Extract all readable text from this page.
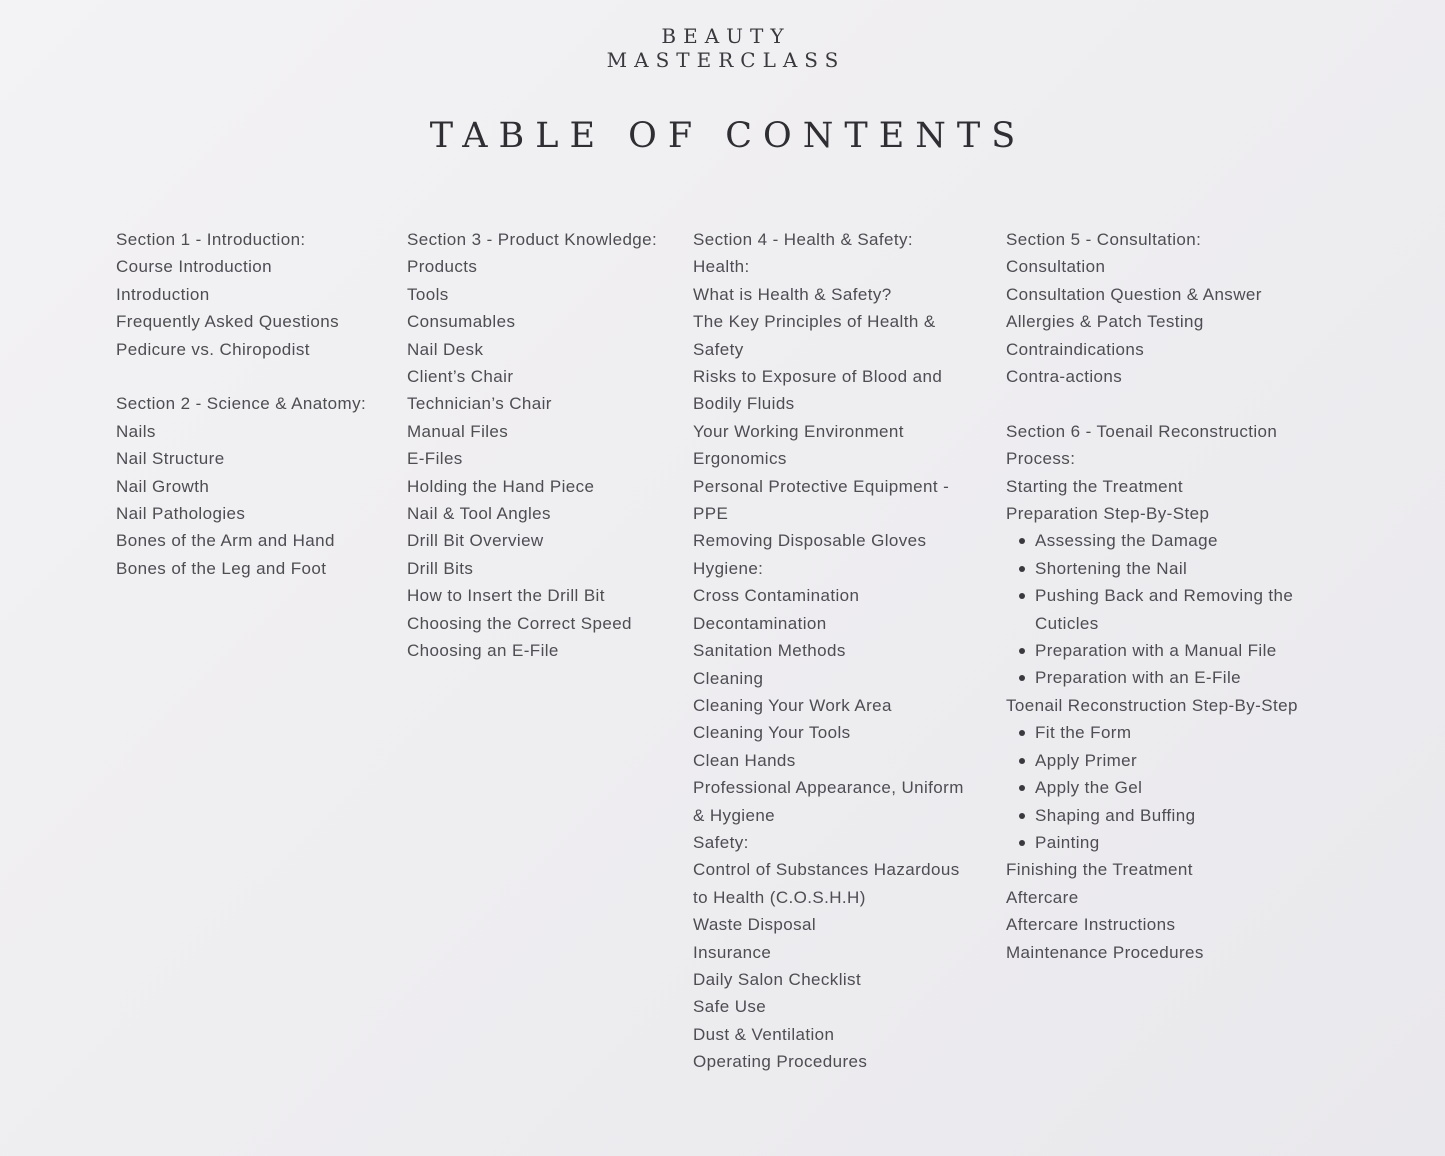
BEAUTY
MASTERCLASS
TABLE OF CONTENTS
Section 1 - Introduction:
Course Introduction
Introduction
Frequently Asked Questions
Pedicure vs. Chiropodist
Section 2 - Science & Anatomy:
Nails
Nail Structure
Nail Growth
Nail Pathologies
Bones of the Arm and Hand
Bones of the Leg and Foot
Section 3 - Product Knowledge:
Products
Tools
Consumables
Nail Desk
Client’s Chair
Technician’s Chair
Manual Files
E-Files
Holding the Hand Piece
Nail & Tool Angles
Drill Bit Overview
Drill Bits
How to Insert the Drill Bit
Choosing the Correct Speed
Choosing an E-File
Section 4 - Health & Safety:
Health:
What is Health & Safety?
The Key Principles of Health &
Safety
Risks to Exposure of Blood and
Bodily Fluids
Your Working Environment
Ergonomics
Personal Protective Equipment -
PPE
Removing Disposable Gloves
Hygiene:
Cross Contamination
Decontamination
Sanitation Methods
Cleaning
Cleaning Your Work Area
Cleaning Your Tools
Clean Hands
Professional Appearance, Uniform
& Hygiene
Safety:
Control of Substances Hazardous
to Health (C.O.S.H.H)
Waste Disposal
Insurance
Daily Salon Checklist
Safe Use
Dust & Ventilation
Operating Procedures
Section 5 - Consultation:
Consultation
Consultation Question & Answer
Allergies & Patch Testing
Contraindications
Contra-actions
Section 6 - Toenail Reconstruction
Process:
Starting the Treatment
Preparation Step-By-Step
Assessing the Damage
Shortening the Nail
Pushing Back and Removing the
Cuticles
Preparation with a Manual File
Preparation with an E-File
Toenail Reconstruction Step-By-Step
Fit the Form
Apply Primer
Apply the Gel
Shaping and Buffing
Painting
Finishing the Treatment
Aftercare
Aftercare Instructions
Maintenance Procedures
